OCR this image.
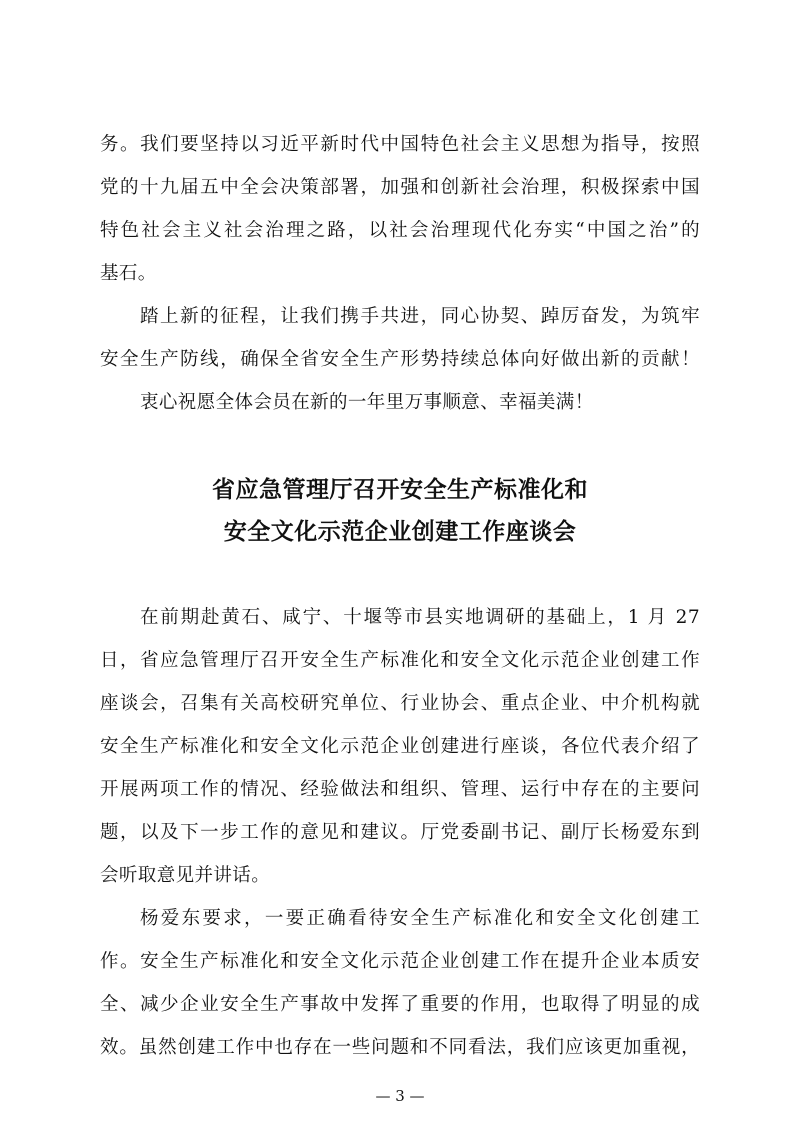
务。我们要坚持以习近平新时代中国特色社会主义思想为指导，按照
党的十九届五中全会决策部署，加强和创新社会治理，积极探索中国
特色社会主义社会治理之路，以社会治理现代化夯实“中国之治”的
基石。
踏上新的征程，让我们携手共进，同心协契、踔厉奋发，为筑牢
安全生产防线，确保全省安全生产形势持续总体向好做出新的贡献！
衷心祝愿全体会员在新的一年里万事顺意、幸福美满！
省应急管理厅召开安全生产标准化和
安全文化示范企业创建工作座谈会
在前期赴黄石、咸宁、十堰等市县实地调研的基础上，1 月 27
日，省应急管理厅召开安全生产标准化和安全文化示范企业创建工作
座谈会，召集有关高校研究单位、行业协会、重点企业、中介机构就
安全生产标准化和安全文化示范企业创建进行座谈，各位代表介绍了
开展两项工作的情况、经验做法和组织、管理、运行中存在的主要问
题，以及下一步工作的意见和建议。厅党委副书记、副厅长杨爱东到
会听取意见并讲话。
杨爱东要求，一要正确看待安全生产标准化和安全文化创建工
作。安全生产标准化和安全文化示范企业创建工作在提升企业本质安
全、减少企业安全生产事故中发挥了重要的作用，也取得了明显的成
效。虽然创建工作中也存在一些问题和不同看法，我们应该更加重视，
— 3 —
